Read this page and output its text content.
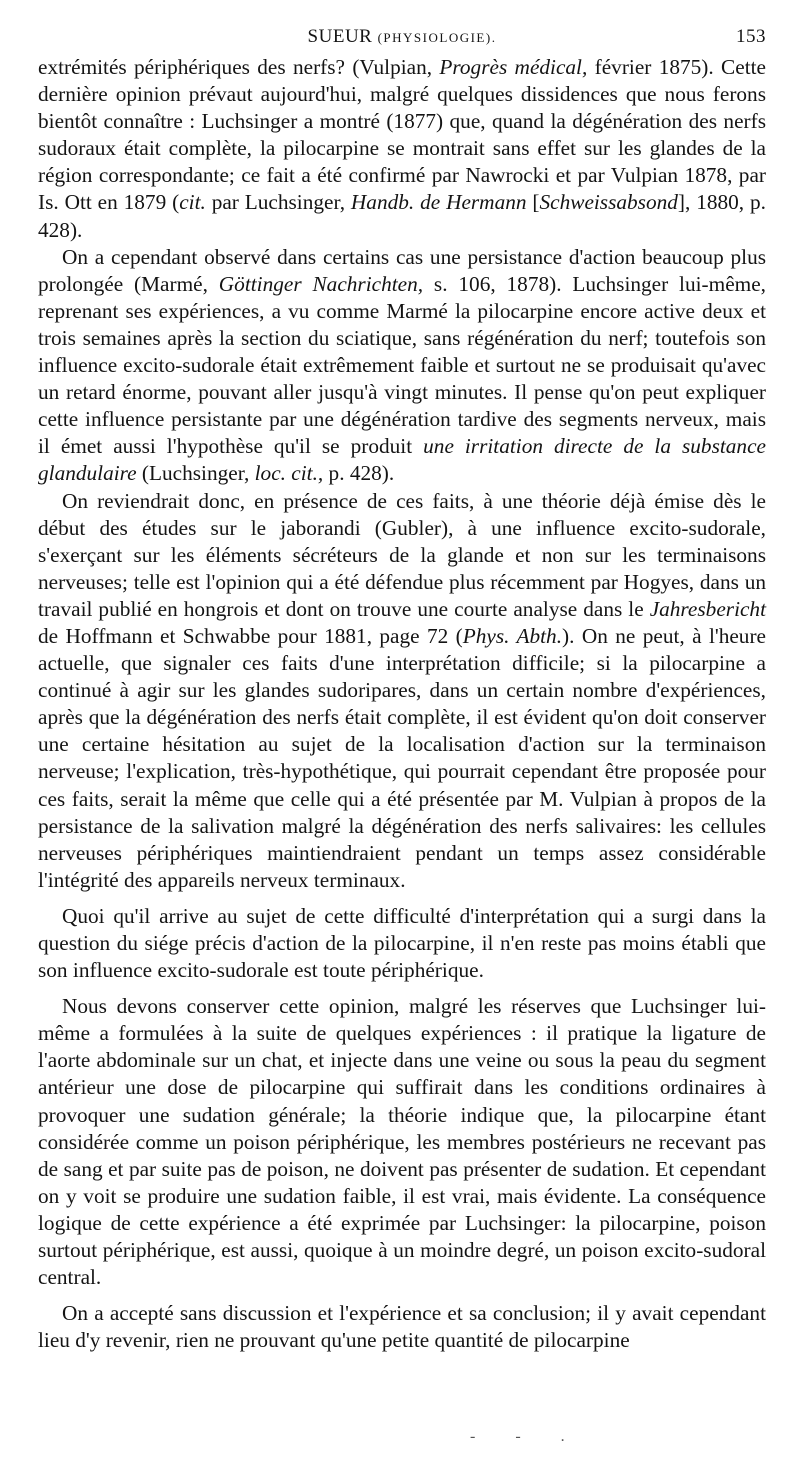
SUEUR (PHYSIOLOGIE).	153

extrémités périphériques des nerfs? (Vulpian, Progrès médical, février 1875). Cette dernière opinion prévaut aujourd'hui, malgré quelques dissidences que nous ferons bientôt connaître : Luchsinger a montré (1877) que, quand la dégénération des nerfs sudoraux était complète, la pilocarpine se montrait sans effet sur les glandes de la région correspondante; ce fait a été confirmé par Nawrocki et par Vulpian 1878, par Is. Ott en 1879 (cit. par Luchsinger, Handb. de Hermann [Schweissabsond], 1880, p. 428).

On a cependant observé dans certains cas une persistance d'action beaucoup plus prolongée (Marmé, Göttinger Nachrichten, s. 106, 1878). Luchsinger lui-même, reprenant ses expériences, a vu comme Marmé la pilocarpine encore active deux et trois semaines après la section du sciatique, sans régénération du nerf; toutefois son influence excito-sudorale était extrêmement faible et surtout ne se produisait qu'avec un retard énorme, pouvant aller jusqu'à vingt minutes. Il pense qu'on peut expliquer cette influence persistante par une dégénération tardive des segments nerveux, mais il émet aussi l'hypothèse qu'il se produit une irritation directe de la substance glandulaire (Luchsinger, loc. cit., p. 428).

On reviendrait donc, en présence de ces faits, à une théorie déjà émise dès le début des études sur le jaborandi (Gubler), à une influence excito-sudorale, s'exerçant sur les éléments sécréteurs de la glande et non sur les terminaisons nerveuses; telle est l'opinion qui a été défendue plus récemment par Hogyes, dans un travail publié en hongrois et dont on trouve une courte analyse dans le Jahresbericht de Hoffmann et Schwabbe pour 1881, page 72 (Phys. Abth.). On ne peut, à l'heure actuelle, que signaler ces faits d'une interprétation difficile; si la pilocarpine a continué à agir sur les glandes sudoripares, dans un certain nombre d'expériences, après que la dégénération des nerfs était complète, il est évident qu'on doit conserver une certaine hésitation au sujet de la localisation d'action sur la terminaison nerveuse; l'explication, très-hypothétique, qui pourrait cependant être proposée pour ces faits, serait la même que celle qui a été présentée par M. Vulpian à propos de la persistance de la salivation malgré la dégénération des nerfs salivaires: les cellules nerveuses périphériques maintiendraient pendant un temps assez considérable l'intégrité des appareils nerveux terminaux.

Quoi qu'il arrive au sujet de cette difficulté d'interprétation qui a surgi dans la question du siége précis d'action de la pilocarpine, il n'en reste pas moins établi que son influence excito-sudorale est toute périphérique.

Nous devons conserver cette opinion, malgré les réserves que Luchsinger lui-même a formulées à la suite de quelques expériences : il pratique la ligature de l'aorte abdominale sur un chat, et injecte dans une veine ou sous la peau du segment antérieur une dose de pilocarpine qui suffirait dans les conditions ordinaires à provoquer une sudation générale; la théorie indique que, la pilocarpine étant considérée comme un poison périphérique, les membres postérieurs ne recevant pas de sang et par suite pas de poison, ne doivent pas présenter de sudation. Et cependant on y voit se produire une sudation faible, il est vrai, mais évidente. La conséquence logique de cette expérience a été exprimée par Luchsinger: la pilocarpine, poison surtout périphérique, est aussi, quoique à un moindre degré, un poison excito-sudoral central.

On a accepté sans discussion et l'expérience et sa conclusion; il y avait cependant lieu d'y revenir, rien ne prouvant qu'une petite quantité de pilocarpine

- - .
